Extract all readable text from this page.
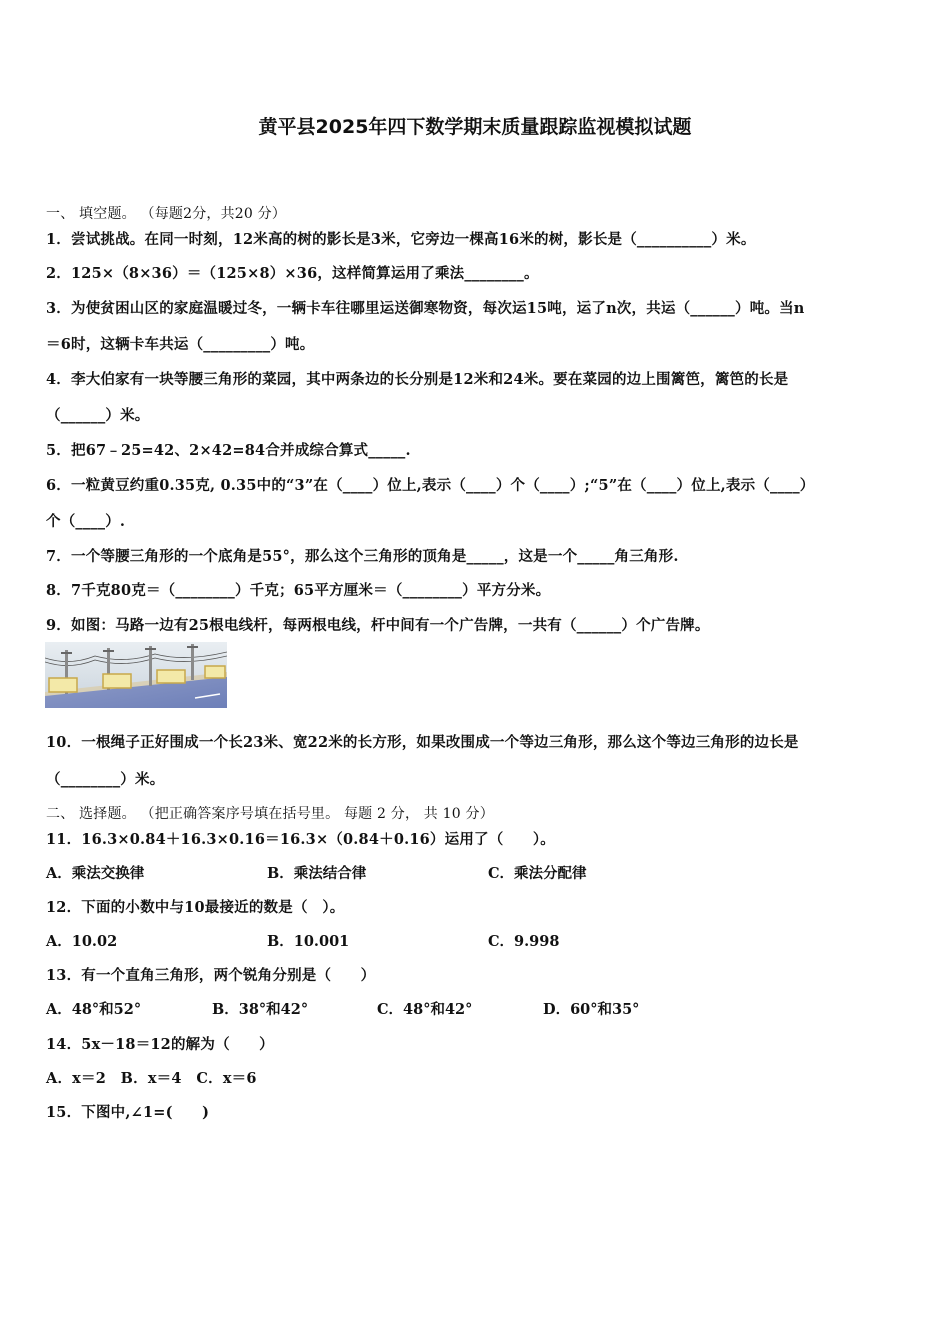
黄平县2025年四下数学期末质量跟踪监视模拟试题
一、 填空题。 （每题2分，共20 分）
1．尝试挑战。在同一时刻，12米高的树的影长是3米，它旁边一棵高16米的树，影长是（__________）米。
2．125×（8×36）＝（125×8）×36，这样简算运用了乘法________。
3．为使贫困山区的家庭温暖过冬，一辆卡车往哪里运送御寒物资，每次运15吨，运了n次，共运（______）吨。当n
＝6时，这辆卡车共运（_________）吨。
4．李大伯家有一块等腰三角形的菜园，其中两条边的长分别是12米和24米。要在菜园的边上围篱笆，篱笆的长是
（______）米。
5．把67﹣25=42、2×42=84合并成综合算式_____.
6．一粒黄豆约重0.35克, 0.35中的“3”在（____）位上,表示（____）个（____）;“5”在（____）位上,表示（____）
个（____）.
7．一个等腰三角形的一个底角是55°，那么这个三角形的顶角是_____，这是一个_____角三角形.
8．7千克80克＝（________）千克；65平方厘米＝（________）平方分米。
9．如图：马路一边有25根电线杆，每两根电线，杆中间有一个广告牌，一共有（______）个广告牌。
10．一根绳子正好围成一个长23米、宽22米的长方形，如果改围成一个等边三角形，那么这个等边三角形的边长是
（________）米。
二、 选择题。 （把正确答案序号填在括号里。 每题 2 分， 共 10 分）
11．16.3×0.84＋16.3×0.16＝16.3×（0.84＋0.16）运用了（　　）。
A．乘法交换律	B．乘法结合律	C．乘法分配律
12．下面的小数中与10最接近的数是（　）。
A．10.02	B．10.001	C．9.998
13．有一个直角三角形，两个锐角分别是（　　）
A．48°和52°	B．38°和42°	C．48°和42°	D．60°和35°
14．5x－18＝12的解为（　　）
A．x＝2　B．x＝4　C．x＝6
15．下图中,∠1=(　　)
